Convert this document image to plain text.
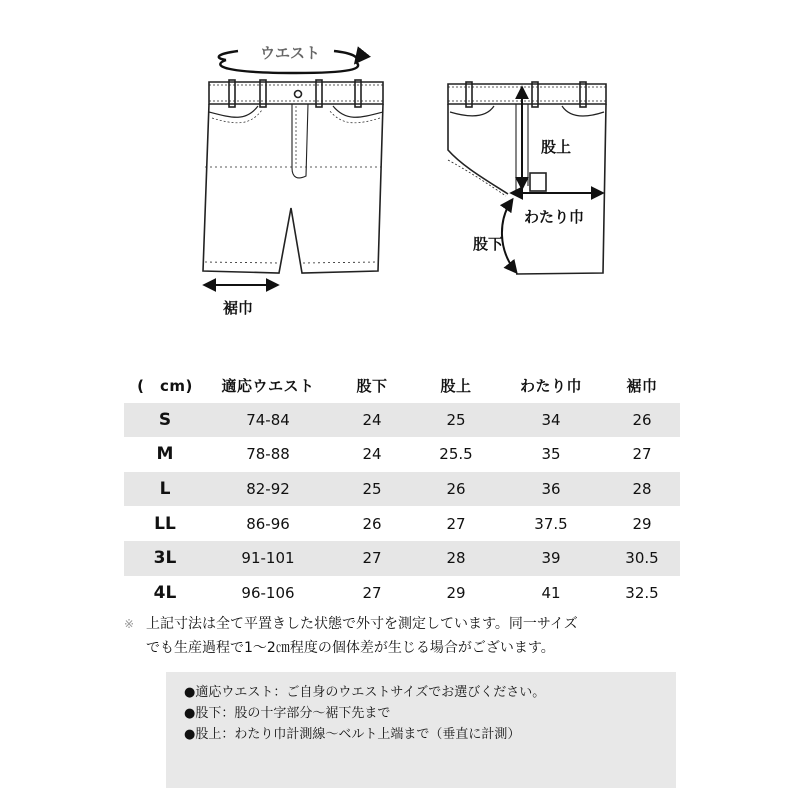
ウエスト
裾巾
股上
わたり巾
股下
(　cm)	適応ウエスト	股下	股上	わたり巾	裾巾
S	74-84	24	25	34	26
M	78-88	24	25.5	35	27
L	82-92	25	26	36	28
LL	86-96	26	27	37.5	29
3L	91-101	27	28	39	30.5
4L	96-106	27	29	41	32.5
※ 上記寸法は全て平置きした状態で外寸を測定しています。同一サイズ
でも生産過程で1～2㎝程度の個体差が生じる場合がございます。
●適応ウエスト：ご自身のウエストサイズでお選びください。
●股下：股の十字部分～裾下先まで
●股上：わたり巾計測線～ベルト上端まで（垂直に計測）
